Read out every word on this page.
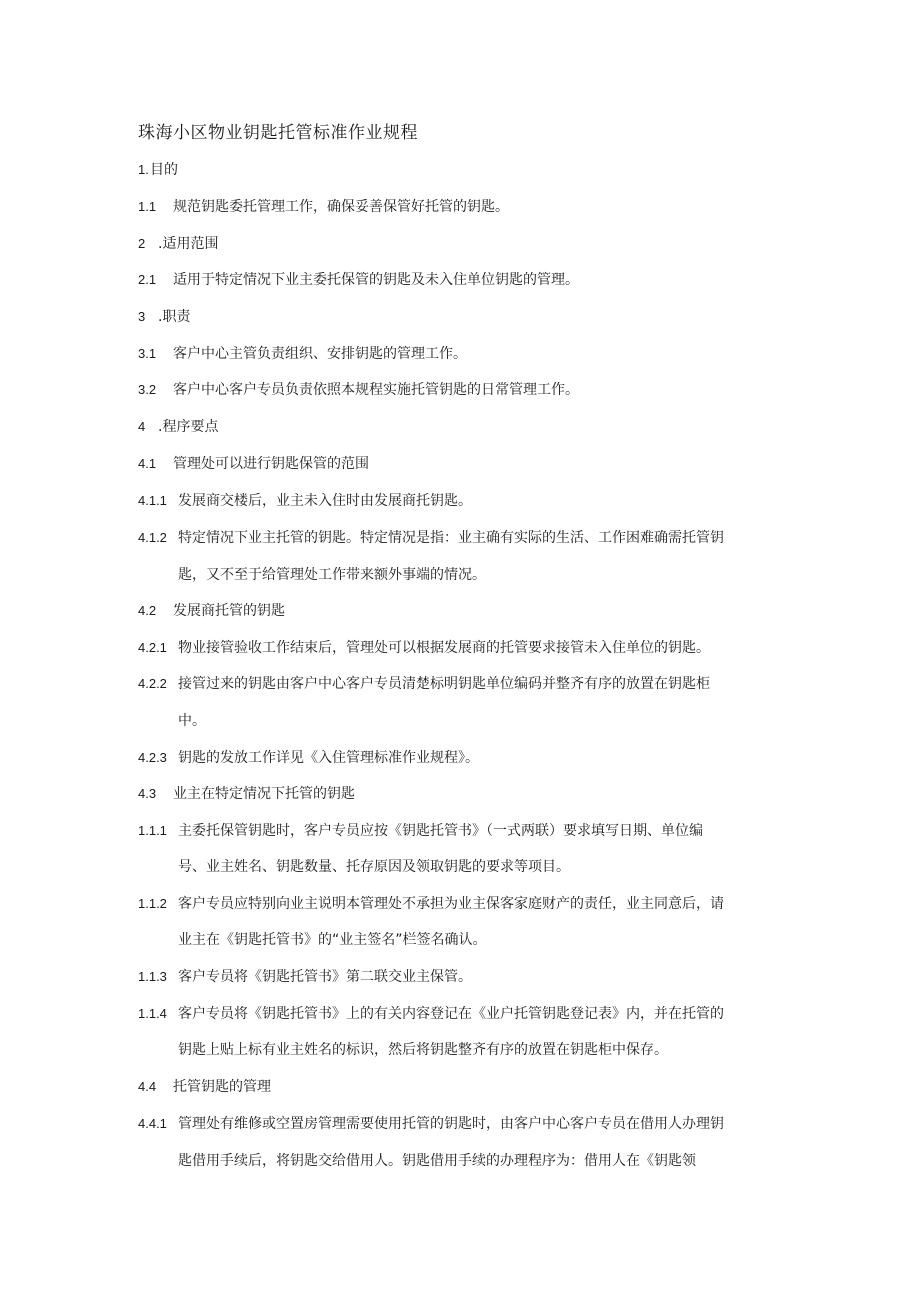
珠海小区物业钥匙托管标准作业规程
1.目的
1.1 规范钥匙委托管理工作，确保妥善保管好托管的钥匙。
2 .适用范围
2.1 适用于特定情况下业主委托保管的钥匙及未入住单位钥匙的管理。
3 .职责
3.1 客户中心主管负责组织、安排钥匙的管理工作。
3.2 客户中心客户专员负责依照本规程实施托管钥匙的日常管理工作。
4 .程序要点
4.1 管理处可以进行钥匙保管的范围
4.1.1 发展商交楼后，业主未入住时由发展商托钥匙。
4.1.2 特定情况下业主托管的钥匙。特定情况是指：业主确有实际的生活、工作困难确需托管钥
匙，又不至于给管理处工作带来额外事端的情况。
4.2 发展商托管的钥匙
4.2.1 物业接管验收工作结束后，管理处可以根据发展商的托管要求接管未入住单位的钥匙。
4.2.2 接管过来的钥匙由客户中心客户专员清楚标明钥匙单位编码并整齐有序的放置在钥匙柜
中。
4.2.3 钥匙的发放工作详见《入住管理标准作业规程》。
4.3 业主在特定情况下托管的钥匙
1.1.1 主委托保管钥匙时，客户专员应按《钥匙托管书》（一式两联）要求填写日期、单位编
号、业主姓名、钥匙数量、托存原因及领取钥匙的要求等项目。
1.1.2 客户专员应特别向业主说明本管理处不承担为业主保客家庭财产的责任，业主同意后，请
业主在《钥匙托管书》的“业主签名”栏签名确认。
1.1.3 客户专员将《钥匙托管书》第二联交业主保管。
1.1.4 客户专员将《钥匙托管书》上的有关内容登记在《业户托管钥匙登记表》内，并在托管的
钥匙上贴上标有业主姓名的标识，然后将钥匙整齐有序的放置在钥匙柜中保存。
4.4 托管钥匙的管理
4.4.1 管理处有维修或空置房管理需要使用托管的钥匙时，由客户中心客户专员在借用人办理钥
匙借用手续后，将钥匙交给借用人。钥匙借用手续的办理程序为：借用人在《钥匙领
